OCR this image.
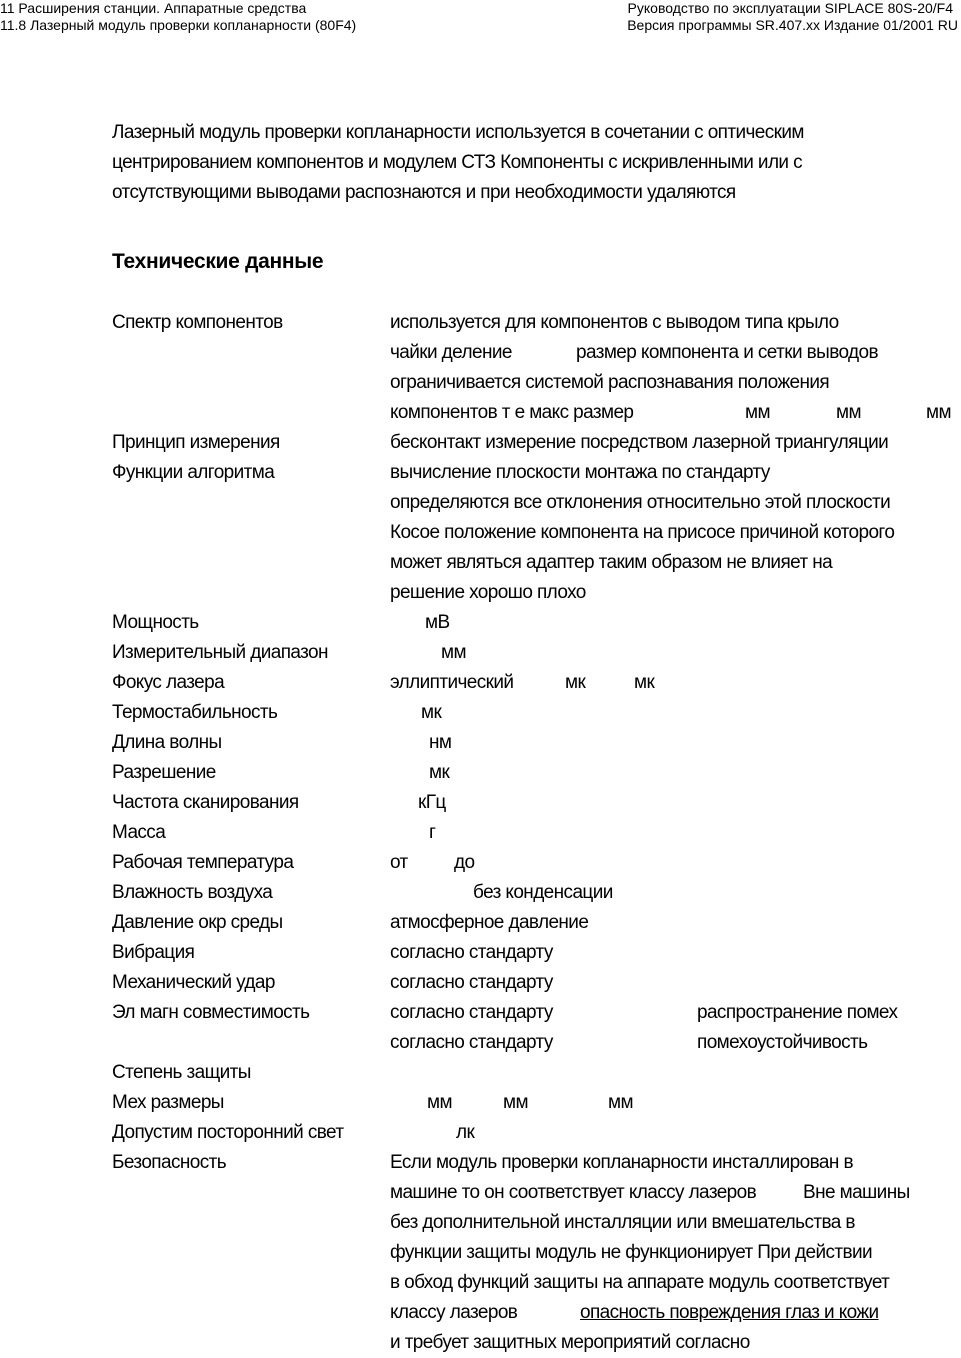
11 Расширения станции. Аппаратные средства
11.8 Лазерный модуль проверки копланарности (80F4)
Руководство по эксплуатации SIPLACE 80S-20/F4
Версия программы SR.407.xx Издание 01/2001 RU
Лазерный модуль проверки копланарности используется в сочетании с оптическим
центрированием компонентов и модулем СТЗ Компоненты с искривленными или с
отсутствующими выводами распознаются и при необходимости удаляются
Технические данные
Спектр компонентов	используется для компонентов с выводом типа крыло
чайки деление	размер компонента и сетки выводов
ограничивается системой распознавания положения
компонентов т е макс размер	мм	мм	мм
Принцип измерения	бесконтакт измерение посредством лазерной триангуляции
Функции алгоритма	вычисление плоскости монтажа по стандарту
определяются все отклонения относительно этой плоскости
Косое положение компонента на присосе причиной которого
может являться адаптер таким образом не влияет на
решение хорошо плохо
Мощность	мВ
Измерительный диапазон	мм
Фокус лазера	эллиптический	мк	мк
Термостабильность	мк
Длина волны	нм
Разрешение	мк
Частота сканирования	кГц
Масса	г
Рабочая температура	от до
Влажность воздуха	без конденсации
Давление окр среды	атмосферное давление
Вибрация	согласно стандарту
Механический удар	согласно стандарту
Эл магн совместимость	согласно стандарту	распространение помех
согласно стандарту	помехоустойчивость
Степень защиты
Мех размеры	мм	мм	мм
Допустим посторонний свет	лк
Безопасность	Если модуль проверки копланарности инсталлирован в
машине то он соответствует классу лазеров Вне машины
без дополнительной инсталляции или вмешательства в
функции защиты модуль не функционирует При действии
в обход функций защиты на аппарате модуль соответствует
классу лазеров	опасность повреждения глаз и кожи
и требует защитных мероприятий согласно
